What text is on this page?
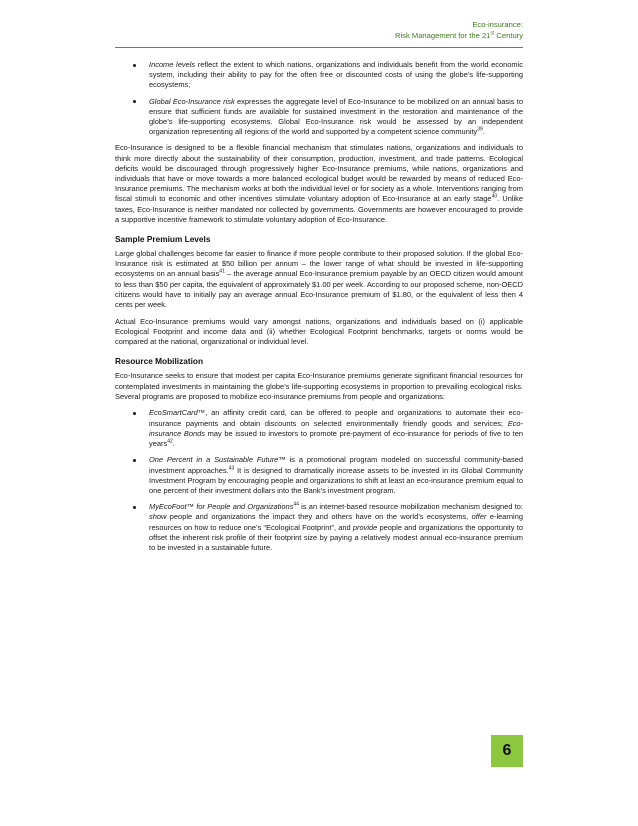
Eco-insurance:
Risk Management for the 21st Century
Income levels reflect the extent to which nations, organizations and individuals benefit from the world economic system, including their ability to pay for the often free or discounted costs of using the globe’s life-supporting ecosystems;
Global Eco-Insurance risk expresses the aggregate level of Eco-Insurance to be mobilized on an annual basis to ensure that sufficient funds are available for sustained investment in the restoration and maintenance of the globe’s life-supporting ecosystems. Global Eco-Insurance risk would be assessed by an independent organization representing all regions of the world and supported by a competent science community$^{39}$.

Eco-Insurance is designed to be a flexible financial mechanism that stimulates nations, organizations and individuals to think more directly about the sustainability of their consumption, production, investment, and trade patterns. Ecological deficits would be discouraged through progressively higher Eco-Insurance premiums, while nations, organizations and individuals that have or move towards a more balanced ecological budget would be rewarded by means of reduced Eco-Insurance premiums. The mechanism works at both the individual level or for society as a whole. Interventions ranging from fiscal stimuli to economic and other incentives stimulate voluntary adoption of Eco-Insurance at an early stage$^{40}$. Unlike taxes, Eco-Insurance is neither mandated nor collected by governments. Governments are however encouraged to provide a supportive incentive framework to stimulate voluntary adoption of Eco-Insurance.

Sample Premium Levels

Large global challenges become far easier to finance if more people contribute to their proposed solution. If the global Eco-Insurance risk is estimated at $50 billion per annum – the lower range of what should be invested in life-supporting ecosystems on an annual basis$^{41}$ – the average annual Eco-Insurance premium payable by an OECD citizen would amount to less than $50 per capita, the equivalent of approximately $1.00 per week. According to our proposed scheme, non-OECD citizens would have to initially pay an average annual Eco-Insurance premium of $1.80, or the equivalent of less then 4 cents per week.

Actual Eco-Insurance premiums would vary amongst nations, organizations and individuals based on (i) applicable Ecological Footprint and income data and (ii) whether Ecological Footprint benchmarks, targets or norms would be compared at the national, organizational or individual level.

Resource Mobilization

Eco-Insurance seeks to ensure that modest per capita Eco-Insurance premiums generate significant financial resources for contemplated investments in maintaining the globe’s life-supporting ecosystems in proportion to prevailing ecological risks. Several programs are proposed to mobilize eco-insurance premiums from people and organizations:

EcoSmartCard™, an affinity credit card, can be offered to people and organizations to automate their eco-insurance payments and obtain discounts on selected environmentally friendly goods and services; Eco-insurance Bonds may be issued to investors to promote pre-payment of eco-insurance for periods of five to ten years$^{42}$.
One Percent in a Sustainable Future™ is a promotional program modeled on successful community-based investment approaches.$^{43}$ It is designed to dramatically increase assets to be invested in its Global Community Investment Program by encouraging people and organizations to shift at least an eco-insurance premium equal to one percent of their investment dollars into the Bank’s investment program.
MyEcoFoot™ for People and Organizations$^{44}$ is an internet-based resource mobilization mechanism designed to: show people and organizations the impact they and others have on the world’s ecosystems, offer e-learning resources on how to reduce one’s “Ecological Footprint”, and provide people and organizations the opportunity to offset the inherent risk profile of their footprint size by paying a relatively modest annual eco-insurance premium to be invested in a sustainable future.
6
